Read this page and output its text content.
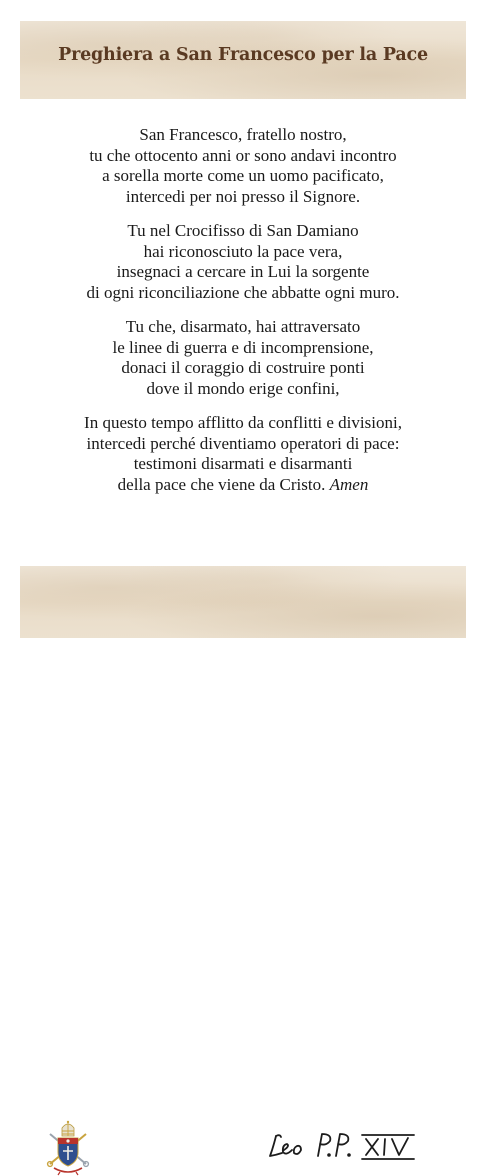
Preghiera a San Francesco per la Pace

San Francesco, fratello nostro,
tu che ottocento anni or sono andavi incontro
a sorella morte come un uomo pacificato,
intercedi per noi presso il Signore.

Tu nel Crocifisso di San Damiano
hai riconosciuto la pace vera,
insegnaci a cercare in Lui la sorgente
di ogni riconciliazione che abbatte ogni muro.

Tu che, disarmato, hai attraversato
le linee di guerra e di incomprensione,
donaci il coraggio di costruire ponti
dove il mondo erige confini,

In questo tempo afflitto da conflitti e divisioni,
intercedi perché diventiamo operatori di pace:
testimoni disarmati e disarmanti
della pace che viene da Cristo. Amen
